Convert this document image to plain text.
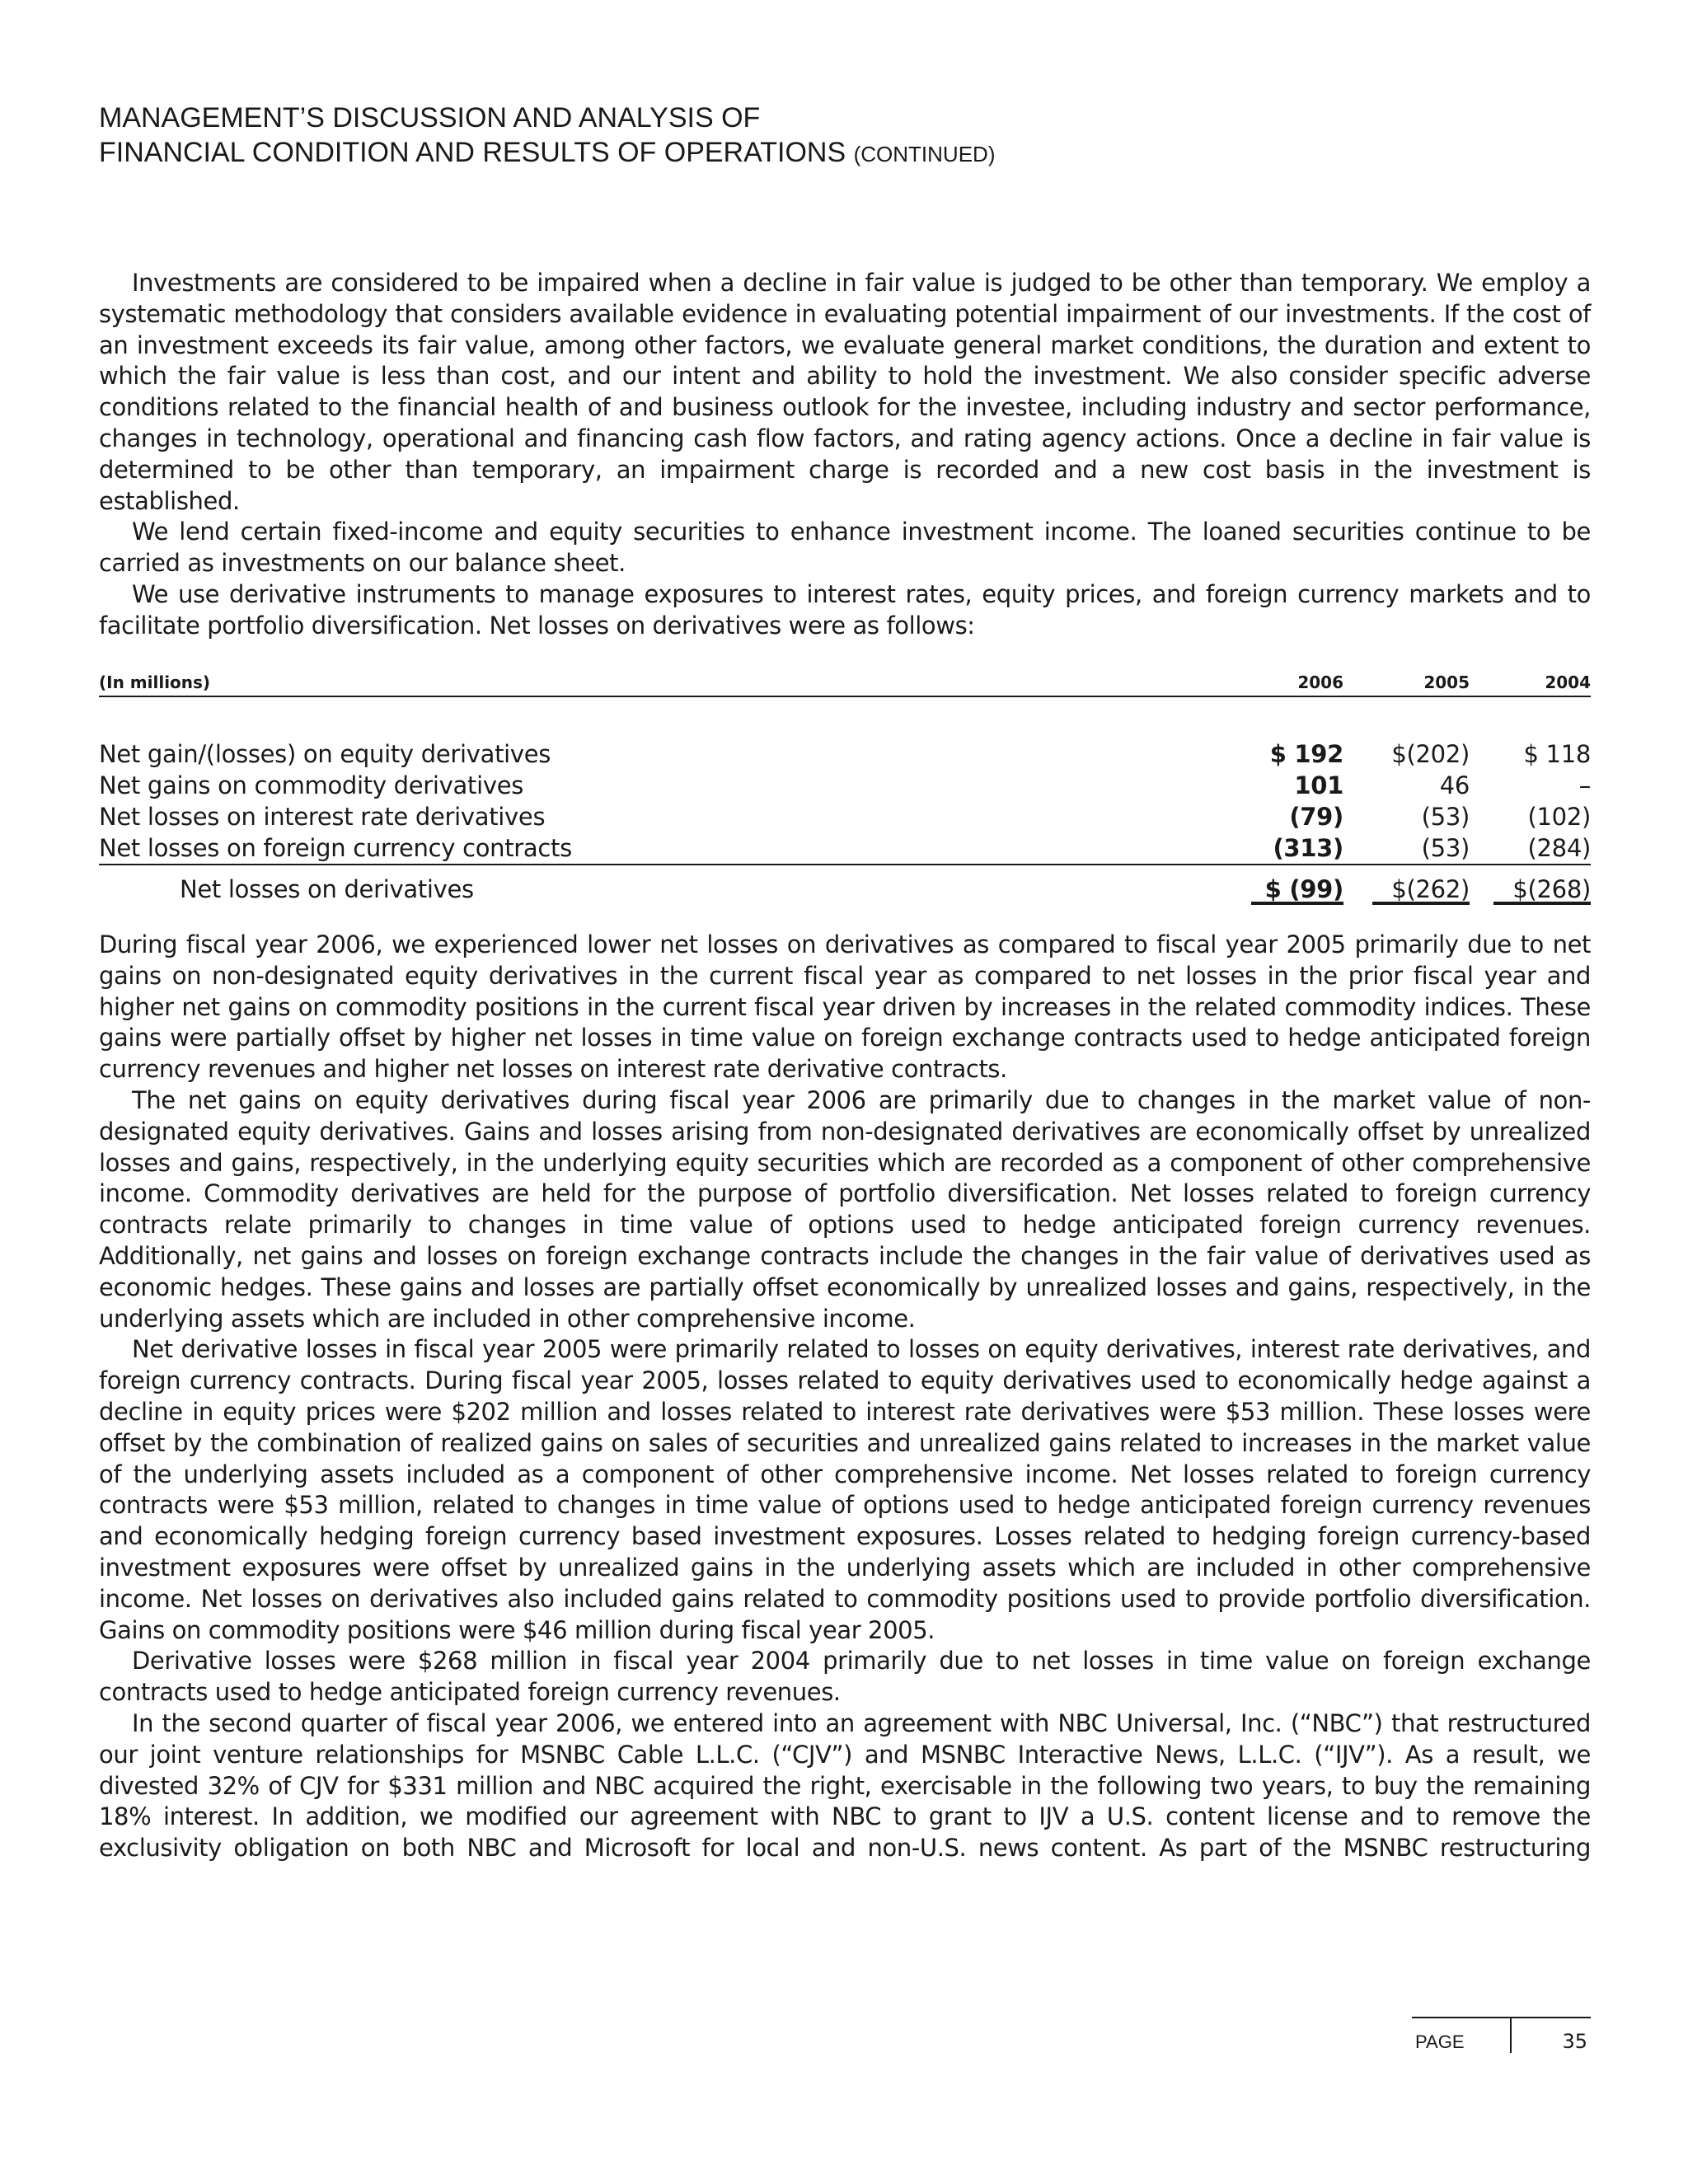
MANAGEMENT’S DISCUSSION AND ANALYSIS OF
FINANCIAL CONDITION AND RESULTS OF OPERATIONS (CONTINUED)

Investments are considered to be impaired when a decline in fair value is judged to be other than temporary. We employ a systematic methodology that considers available evidence in evaluating potential impairment of our investments. If the cost of an investment exceeds its fair value, among other factors, we evaluate general market conditions, the duration and extent to which the fair value is less than cost, and our intent and ability to hold the investment. We also consider specific adverse conditions related to the financial health of and business outlook for the investee, including industry and sector performance, changes in technology, operational and financing cash flow factors, and rating agency actions. Once a decline in fair value is determined to be other than temporary, an impairment charge is recorded and a new cost basis in the investment is established.

We lend certain fixed-income and equity securities to enhance investment income. The loaned securities continue to be carried as investments on our balance sheet.

We use derivative instruments to manage exposures to interest rates, equity prices, and foreign currency markets and to facilitate portfolio diversification. Net losses on derivatives were as follows:

(In millions)	2006	2005	2004
Net gain/(losses) on equity derivatives	$ 192	$(202)	$ 118
Net gains on commodity derivatives	101	46	–
Net losses on interest rate derivatives	(79)	(53)	(102)
Net losses on foreign currency contracts	(313)	(53)	(284)
Net losses on derivatives	$ (99)	$(262)	$(268)

During fiscal year 2006, we experienced lower net losses on derivatives as compared to fiscal year 2005 primarily due to net gains on non-designated equity derivatives in the current fiscal year as compared to net losses in the prior fiscal year and higher net gains on commodity positions in the current fiscal year driven by increases in the related commodity indices. These gains were partially offset by higher net losses in time value on foreign exchange contracts used to hedge anticipated foreign currency revenues and higher net losses on interest rate derivative contracts.

The net gains on equity derivatives during fiscal year 2006 are primarily due to changes in the market value of non-designated equity derivatives. Gains and losses arising from non-designated derivatives are economically offset by unrealized losses and gains, respectively, in the underlying equity securities which are recorded as a component of other comprehensive income. Commodity derivatives are held for the purpose of portfolio diversification. Net losses related to foreign currency contracts relate primarily to changes in time value of options used to hedge anticipated foreign currency revenues. Additionally, net gains and losses on foreign exchange contracts include the changes in the fair value of derivatives used as economic hedges. These gains and losses are partially offset economically by unrealized losses and gains, respectively, in the underlying assets which are included in other comprehensive income.

Net derivative losses in fiscal year 2005 were primarily related to losses on equity derivatives, interest rate derivatives, and foreign currency contracts. During fiscal year 2005, losses related to equity derivatives used to economically hedge against a decline in equity prices were $202 million and losses related to interest rate derivatives were $53 million. These losses were offset by the combination of realized gains on sales of securities and unrealized gains related to increases in the market value of the underlying assets included as a component of other comprehensive income. Net losses related to foreign currency contracts were $53 million, related to changes in time value of options used to hedge anticipated foreign currency revenues and economically hedging foreign currency based investment exposures. Losses related to hedging foreign currency-based investment exposures were offset by unrealized gains in the underlying assets which are included in other comprehensive income. Net losses on derivatives also included gains related to commodity positions used to provide portfolio diversification. Gains on commodity positions were $46 million during fiscal year 2005.

Derivative losses were $268 million in fiscal year 2004 primarily due to net losses in time value on foreign exchange contracts used to hedge anticipated foreign currency revenues.

In the second quarter of fiscal year 2006, we entered into an agreement with NBC Universal, Inc. (“NBC”) that restructured our joint venture relationships for MSNBC Cable L.L.C. (“CJV”) and MSNBC Interactive News, L.L.C. (“IJV”). As a result, we divested 32% of CJV for $331 million and NBC acquired the right, exercisable in the following two years, to buy the remaining 18% interest. In addition, we modified our agreement with NBC to grant to IJV a U.S. content license and to remove the exclusivity obligation on both NBC and Microsoft for local and non-U.S. news content. As part of the MSNBC restructuring

PAGE	35
